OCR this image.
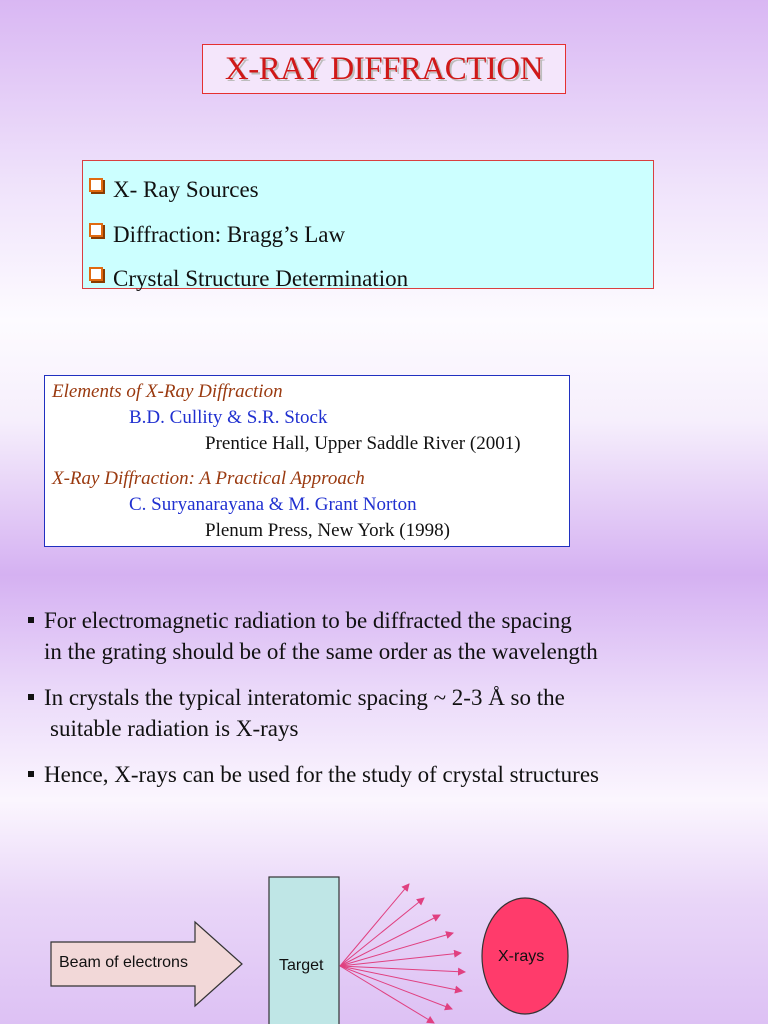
X-RAY DIFFRACTION
X- Ray Sources
Diffraction: Bragg’s Law
Crystal Structure Determination
Elements of X-Ray Diffraction
B.D. Cullity & S.R. Stock
Prentice Hall, Upper Saddle River (2001)
X-Ray Diffraction: A Practical Approach
C. Suryanarayana & M. Grant Norton
Plenum Press, New York (1998)
For electromagnetic radiation to be diffracted the spacing
in the grating should be of the same order as the wavelength
In crystals the typical interatomic spacing ~ 2-3 Å so the
suitable radiation is X-rays
Hence, X-rays can be used for the study of crystal structures
Beam of electrons	Target
X-rays
